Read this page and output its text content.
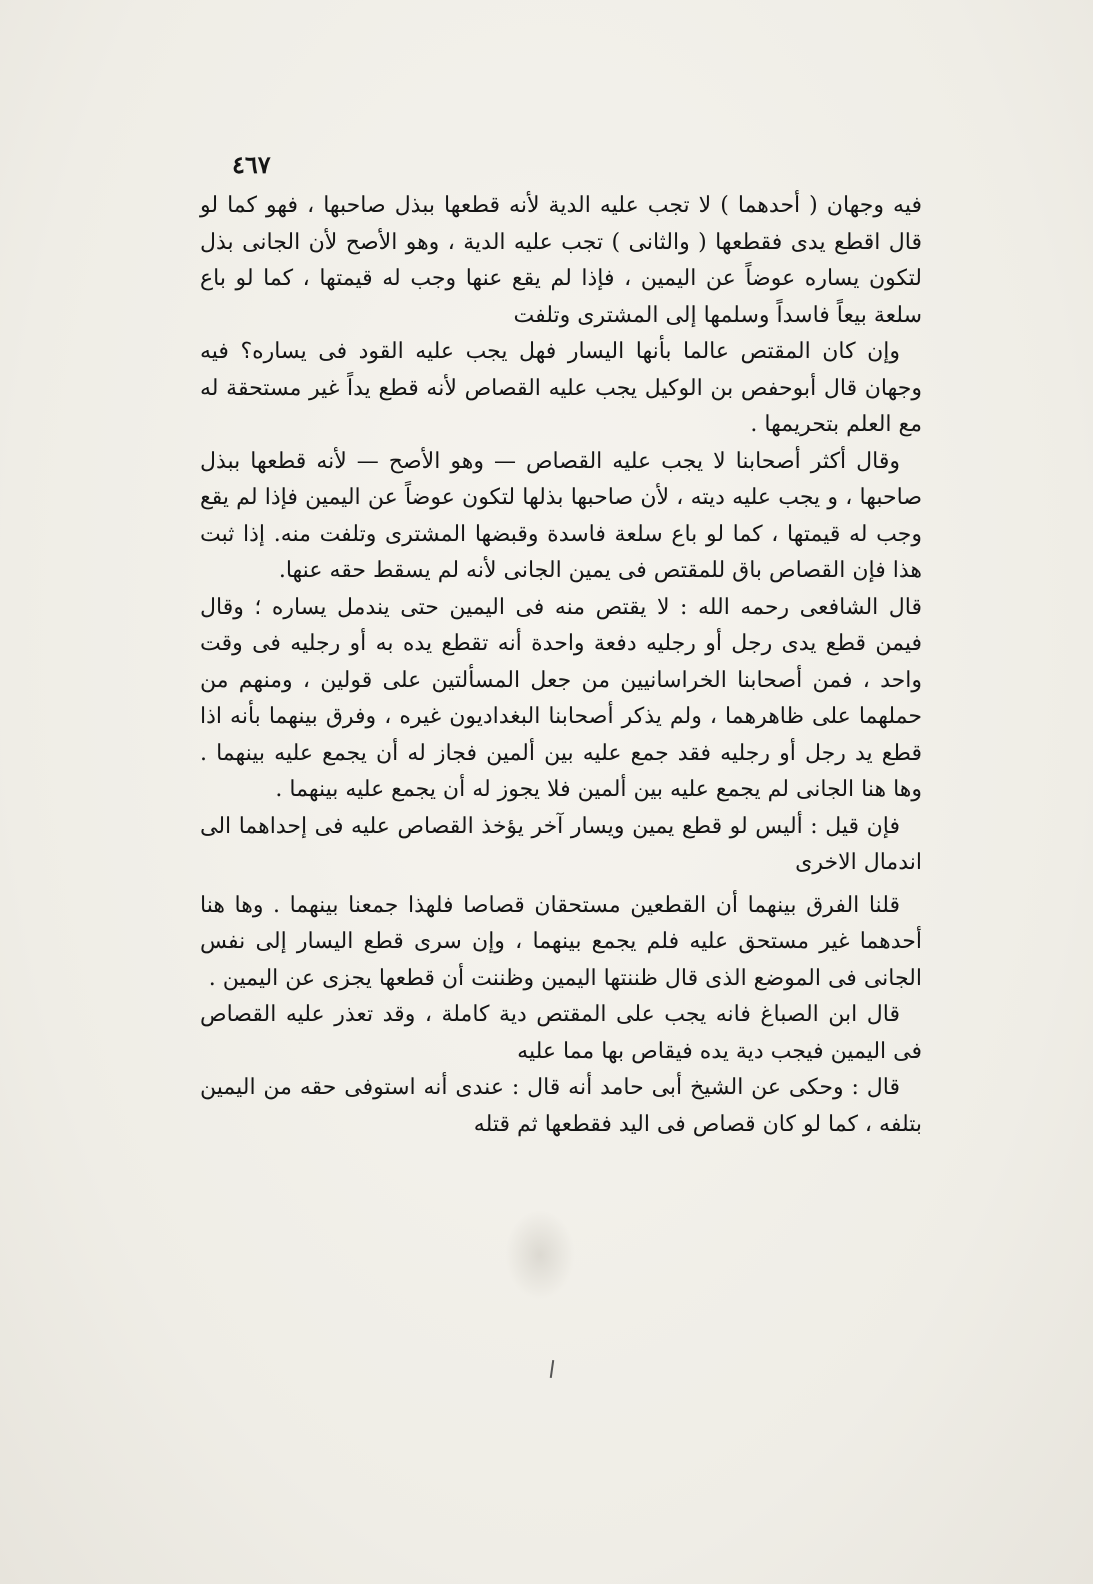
٤٦٧

فيه وجهان ( أحدهما ) لا تجب عليه الدية لأنه قطعها ببذل صاحبها ، فهو كما لو قال اقطع يدى فقطعها ( والثانى ) تجب عليه الدية ، وهو الأصح لأن الجانى بذل لتكون يساره عوضاً عن اليمين ، فإذا لم يقع عنها وجب له قيمتها ، كما لو باع سلعة بيعاً فاسداً وسلمها إلى المشترى وتلفت

وإن كان المقتص عالما بأنها اليسار فهل يجب عليه القود فى يساره؟ فيه وجهان قال أبوحفص بن الوكيل يجب عليه القصاص لأنه قطع يداً غير مستحقة له مع العلم بتحريمها .

وقال أكثر أصحابنا لا يجب عليه القصاص — وهو الأصح — لأنه قطعها ببذل صاحبها ، و يجب عليه ديته ، لأن صاحبها بذلها لتكون عوضاً عن اليمين فإذا لم يقع وجب له قيمتها ، كما لو باع سلعة فاسدة وقبضها المشترى وتلفت منه. إذا ثبت هذا فإن القصاص باق للمقتص فى يمين الجانى لأنه لم يسقط حقه عنها.

قال الشافعى رحمه الله : لا يقتص منه فى اليمين حتى يندمل يساره ؛ وقال فيمن قطع يدى رجل أو رجليه دفعة واحدة أنه تقطع يده به أو رجليه فى وقت واحد ، فمن أصحابنا الخراسانيين من جعل المسألتين على قولين ، ومنهم من حملهما على ظاهرهما ، ولم يذكر أصحابنا البغداديون غيره ، وفرق بينهما بأنه اذا قطع يد رجل أو رجليه فقد جمع عليه بين ألمين فجاز له أن يجمع عليه بينهما . وها هنا الجانى لم يجمع عليه بين ألمين فلا يجوز له أن يجمع عليه بينهما .

فإن قيل : أليس لو قطع يمين ويسار آخر يؤخذ القصاص عليه فى إحداهما الى اندمال الاخرى

قلنا الفرق بينهما أن القطعين مستحقان قصاصا فلهذا جمعنا بينهما . وها هنا أحدهما غير مستحق عليه فلم يجمع بينهما ، وإن سرى قطع اليسار إلى نفس الجانى فى الموضع الذى قال ظننتها اليمين وظننت أن قطعها يجزى عن اليمين .

قال ابن الصباغ فانه يجب على المقتص دية كاملة ، وقد تعذر عليه القصاص فى اليمين فيجب دية يده فيقاص بها مما عليه

قال : وحكى عن الشيخ أبى حامد أنه قال : عندى أنه استوفى حقه من اليمين بتلفه ، كما لو كان قصاص فى اليد فقطعها ثم قتله
